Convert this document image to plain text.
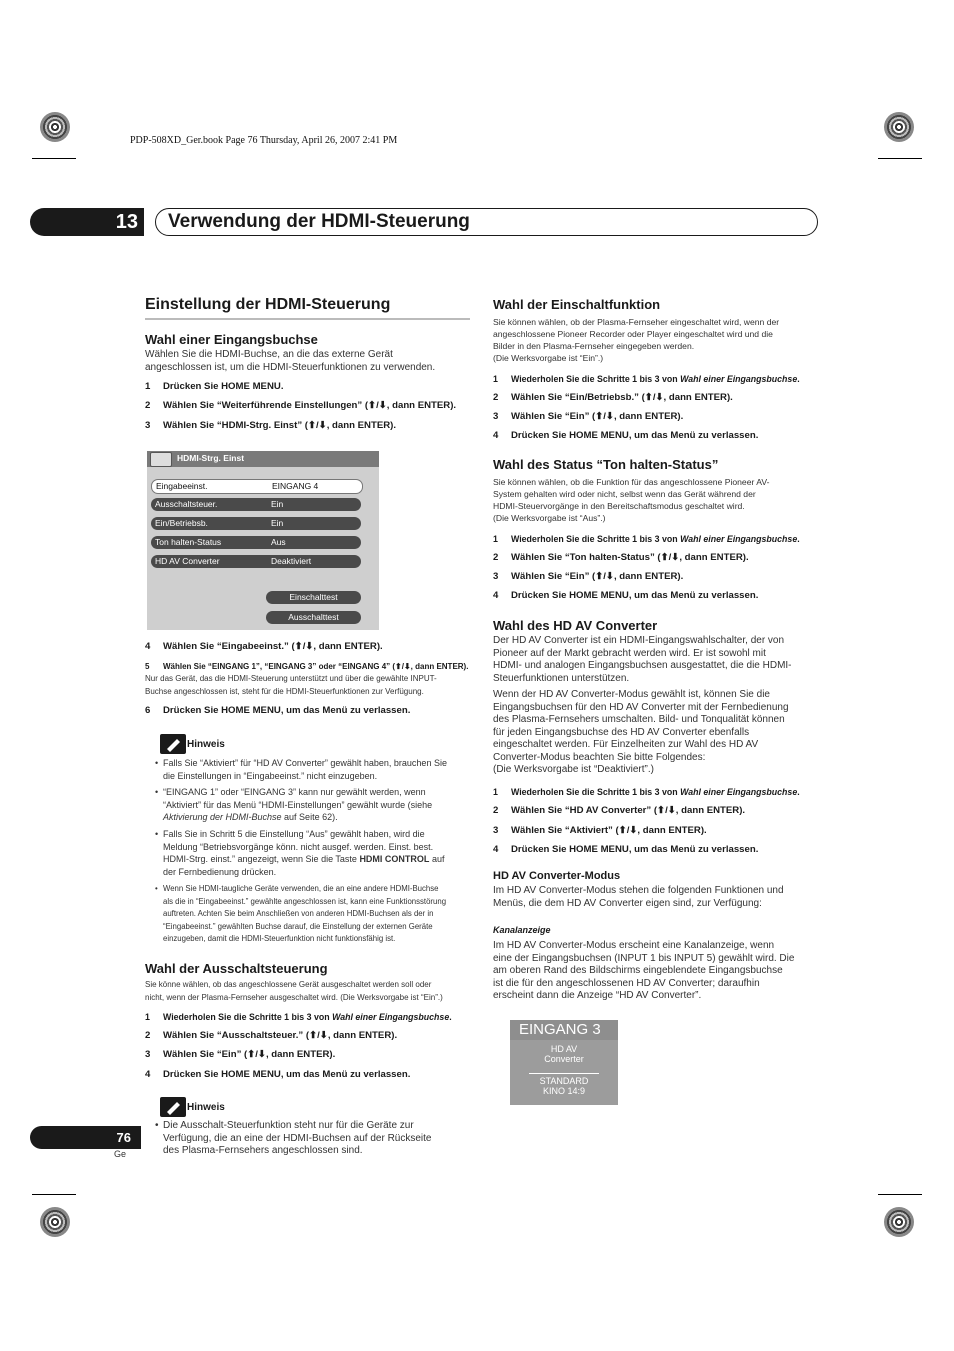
PDP-508XD_Ger.book Page 76 Thursday, April 26, 2007 2:41 PM
13	Verwendung der HDMI-Steuerung
Einstellung der HDMI-Steuerung
Wahl einer Eingangsbuchse
Wählen Sie die HDMI-Buchse, an die das externe Gerät
angeschlossen ist, um die HDMI-Steuerfunktionen zu verwenden.
1 Drücken Sie HOME MENU.
2 Wählen Sie “Weiterführende Einstellungen” (⬆/⬇, dann ENTER).
3 Wählen Sie “HDMI-Strg. Einst” (⬆/⬇, dann ENTER).
HDMI-Strg. Einst
Eingabeeinst.	EINGANG 4
Ausschaltsteuer.	Ein
Ein/Betriebsb.	Ein
Ton halten-Status	Aus
HD AV Converter	Deaktiviert
Einschalttest
Ausschalttest
4 Wählen Sie “Eingabeeinst.” (⬆/⬇, dann ENTER).
5 Wählen Sie “EINGANG 1”, “EINGANG 3” oder “EINGANG 4” (⬆/⬇, dann ENTER).
Nur das Gerät, das die HDMI-Steuerung unterstützt und über die gewählte INPUT-
Buchse angeschlossen ist, steht für die HDMI-Steuerfunktionen zur Verfügung.
6 Drücken Sie HOME MENU, um das Menü zu verlassen.
Hinweis
• Falls Sie “Aktiviert” für “HD AV Converter” gewählt haben, brauchen Sie
die Einstellungen in “Eingabeeinst.” nicht einzugeben.
• “EINGANG 1” oder “EINGANG 3” kann nur gewählt werden, wenn
“Aktiviert” für das Menü “HDMI-Einstellungen” gewählt wurde (siehe
Aktivierung der HDMI-Buchse auf Seite 62).
• Falls Sie in Schritt 5 die Einstellung “Aus” gewählt haben, wird die
Meldung “Betriebsvorgänge könn. nicht ausgef. werden. Einst. best.
HDMI-Strg. einst.” angezeigt, wenn Sie die Taste HDMI CONTROL auf
der Fernbedienung drücken.
• Wenn Sie HDMI-taugliche Geräte verwenden, die an eine andere HDMI-Buchse
als die in “Eingabeeinst.” gewählte angeschlossen ist, kann eine Funktionsstörung
auftreten. Achten Sie beim Anschließen von anderen HDMI-Buchsen als der in
“Eingabeeinst.” gewählten Buchse darauf, die Einstellung der externen Geräte
einzugeben, damit die HDMI-Steuerfunktion nicht funktionsfähig ist.
Wahl der Ausschaltsteuerung
Sie könne wählen, ob das angeschlossene Gerät ausgeschaltet werden soll oder
nicht, wenn der Plasma-Fernseher ausgeschaltet wird. (Die Werksvorgabe ist “Ein”.)
1 Wiederholen Sie die Schritte 1 bis 3 von Wahl einer Eingangsbuchse.
2 Wählen Sie “Ausschaltsteuer.” (⬆/⬇, dann ENTER).
3 Wählen Sie “Ein” (⬆/⬇, dann ENTER).
4 Drücken Sie HOME MENU, um das Menü zu verlassen.
Hinweis
• Die Ausschalt-Steuerfunktion steht nur für die Geräte zur
Verfügung, die an eine der HDMI-Buchsen auf der Rückseite
des Plasma-Fernsehers angeschlossen sind.
Wahl der Einschaltfunktion
Sie können wählen, ob der Plasma-Fernseher eingeschaltet wird, wenn der
angeschlossene Pioneer Recorder oder Player eingeschaltet wird und die
Bilder in den Plasma-Fernseher eingegeben werden.
(Die Werksvorgabe ist “Ein”.)
1 Wiederholen Sie die Schritte 1 bis 3 von Wahl einer Eingangsbuchse.
2 Wählen Sie “Ein/Betriebsb.” (⬆/⬇, dann ENTER).
3 Wählen Sie “Ein” (⬆/⬇, dann ENTER).
4 Drücken Sie HOME MENU, um das Menü zu verlassen.
Wahl des Status “Ton halten-Status”
Sie können wählen, ob die Funktion für das angeschlossene Pioneer AV-
System gehalten wird oder nicht, selbst wenn das Gerät während der
HDMI-Steuervorgänge in den Bereitschaftsmodus geschaltet wird.
(Die Werksvorgabe ist “Aus”.)
1 Wiederholen Sie die Schritte 1 bis 3 von Wahl einer Eingangsbuchse.
2 Wählen Sie “Ton halten-Status” (⬆/⬇, dann ENTER).
3 Wählen Sie “Ein” (⬆/⬇, dann ENTER).
4 Drücken Sie HOME MENU, um das Menü zu verlassen.
Wahl des HD AV Converter
Der HD AV Converter ist ein HDMI-Eingangswahlschalter, der von
Pioneer auf der Markt gebracht werden wird. Er ist sowohl mit
HDMI- und analogen Eingangsbuchsen ausgestattet, die die HDMI-
Steuerfunktionen unterstützen.
Wenn der HD AV Converter-Modus gewählt ist, können Sie die
Eingangsbuchsen für den HD AV Converter mit der Fernbedienung
des Plasma-Fernsehers umschalten. Bild- und Tonqualität können
für jeden Eingangsbuchse des HD AV Converter ebenfalls
eingeschaltet werden. Für Einzelheiten zur Wahl des HD AV
Converter-Modus beachten Sie bitte Folgendes:
(Die Werksvorgabe ist “Deaktiviert”.)
1 Wiederholen Sie die Schritte 1 bis 3 von Wahl einer Eingangsbuchse.
2 Wählen Sie “HD AV Converter” (⬆/⬇, dann ENTER).
3 Wählen Sie “Aktiviert” (⬆/⬇, dann ENTER).
4 Drücken Sie HOME MENU, um das Menü zu verlassen.
HD AV Converter-Modus
Im HD AV Converter-Modus stehen die folgenden Funktionen und
Menüs, die dem HD AV Converter eigen sind, zur Verfügung:
Kanalanzeige
Im HD AV Converter-Modus erscheint eine Kanalanzeige, wenn
eine der Eingangsbuchsen (INPUT 1 bis INPUT 5) gewählt wird. Die
am oberen Rand des Bildschirms eingeblendete Eingangsbuchse
ist die für den angeschlossenen HD AV Converter; daraufhin
erscheint dann die Anzeige “HD AV Converter”.
EINGANG 3
HD AV
Converter
STANDARD
KINO 14:9
76
Ge
